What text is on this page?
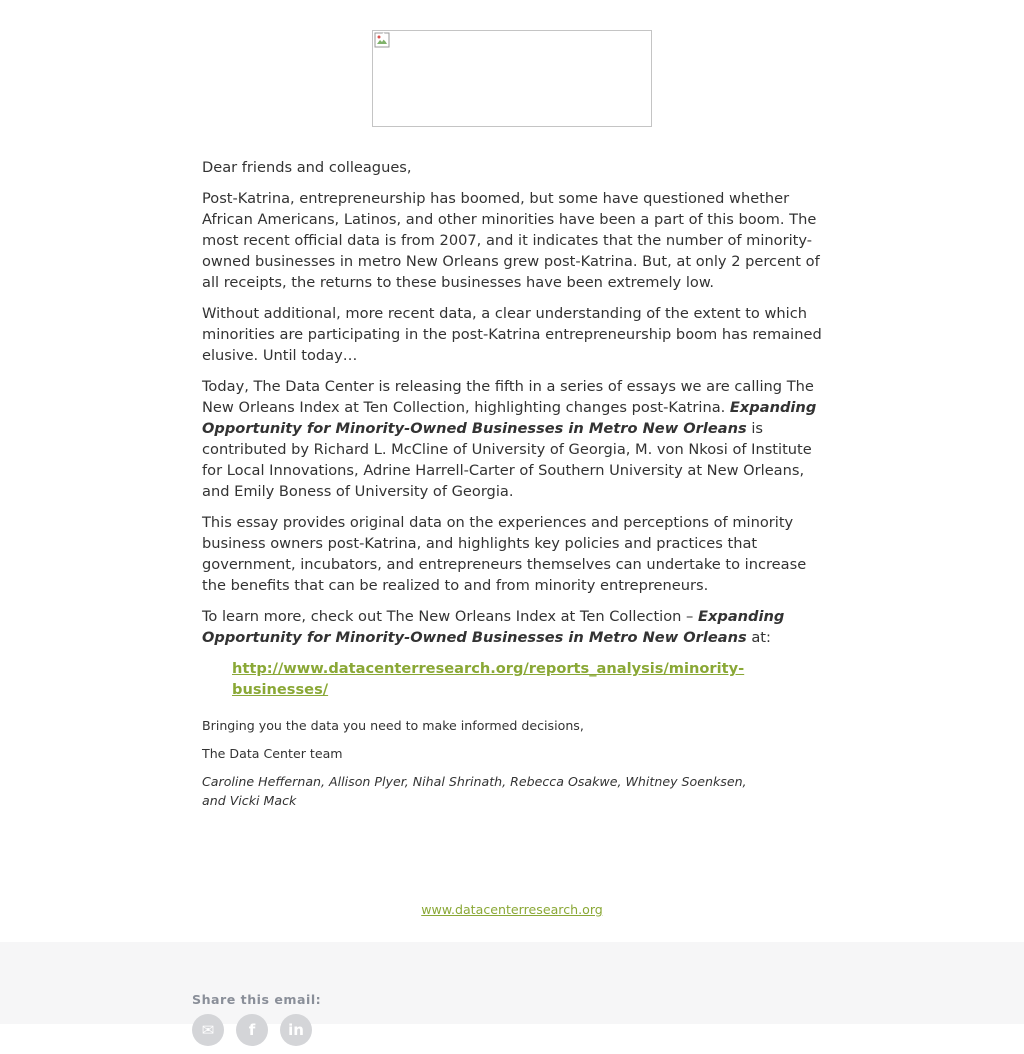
Dear friends and colleagues,

Post-Katrina, entrepreneurship has boomed, but some have questioned whether African Americans, Latinos, and other minorities have been a part of this boom. The most recent official data is from 2007, and it indicates that the number of minority-owned businesses in metro New Orleans grew post-Katrina. But, at only 2 percent of all receipts, the returns to these businesses have been extremely low.

Without additional, more recent data, a clear understanding of the extent to which minorities are participating in the post-Katrina entrepreneurship boom has remained elusive. Until today…

Today, The Data Center is releasing the fifth in a series of essays we are calling The New Orleans Index at Ten Collection, highlighting changes post-Katrina. Expanding Opportunity for Minority-Owned Businesses in Metro New Orleans is contributed by Richard L. McCline of University of Georgia, M. von Nkosi of Institute for Local Innovations, Adrine Harrell-Carter of Southern University at New Orleans, and Emily Boness of University of Georgia.

This essay provides original data on the experiences and perceptions of minority business owners post-Katrina, and highlights key policies and practices that government, incubators, and entrepreneurs themselves can undertake to increase the benefits that can be realized to and from minority entrepreneurs.

To learn more, check out The New Orleans Index at Ten Collection – Expanding Opportunity for Minority-Owned Businesses in Metro New Orleans at:

http://www.datacenterresearch.org/reports_analysis/minority-businesses/

Bringing you the data you need to make informed decisions,

The Data Center team

Caroline Heffernan, Allison Plyer, Nihal Shrinath, Rebecca Osakwe, Whitney Soenksen, and Vicki Mack

www.datacenterresearch.org
Share this email:
✉	f	in
